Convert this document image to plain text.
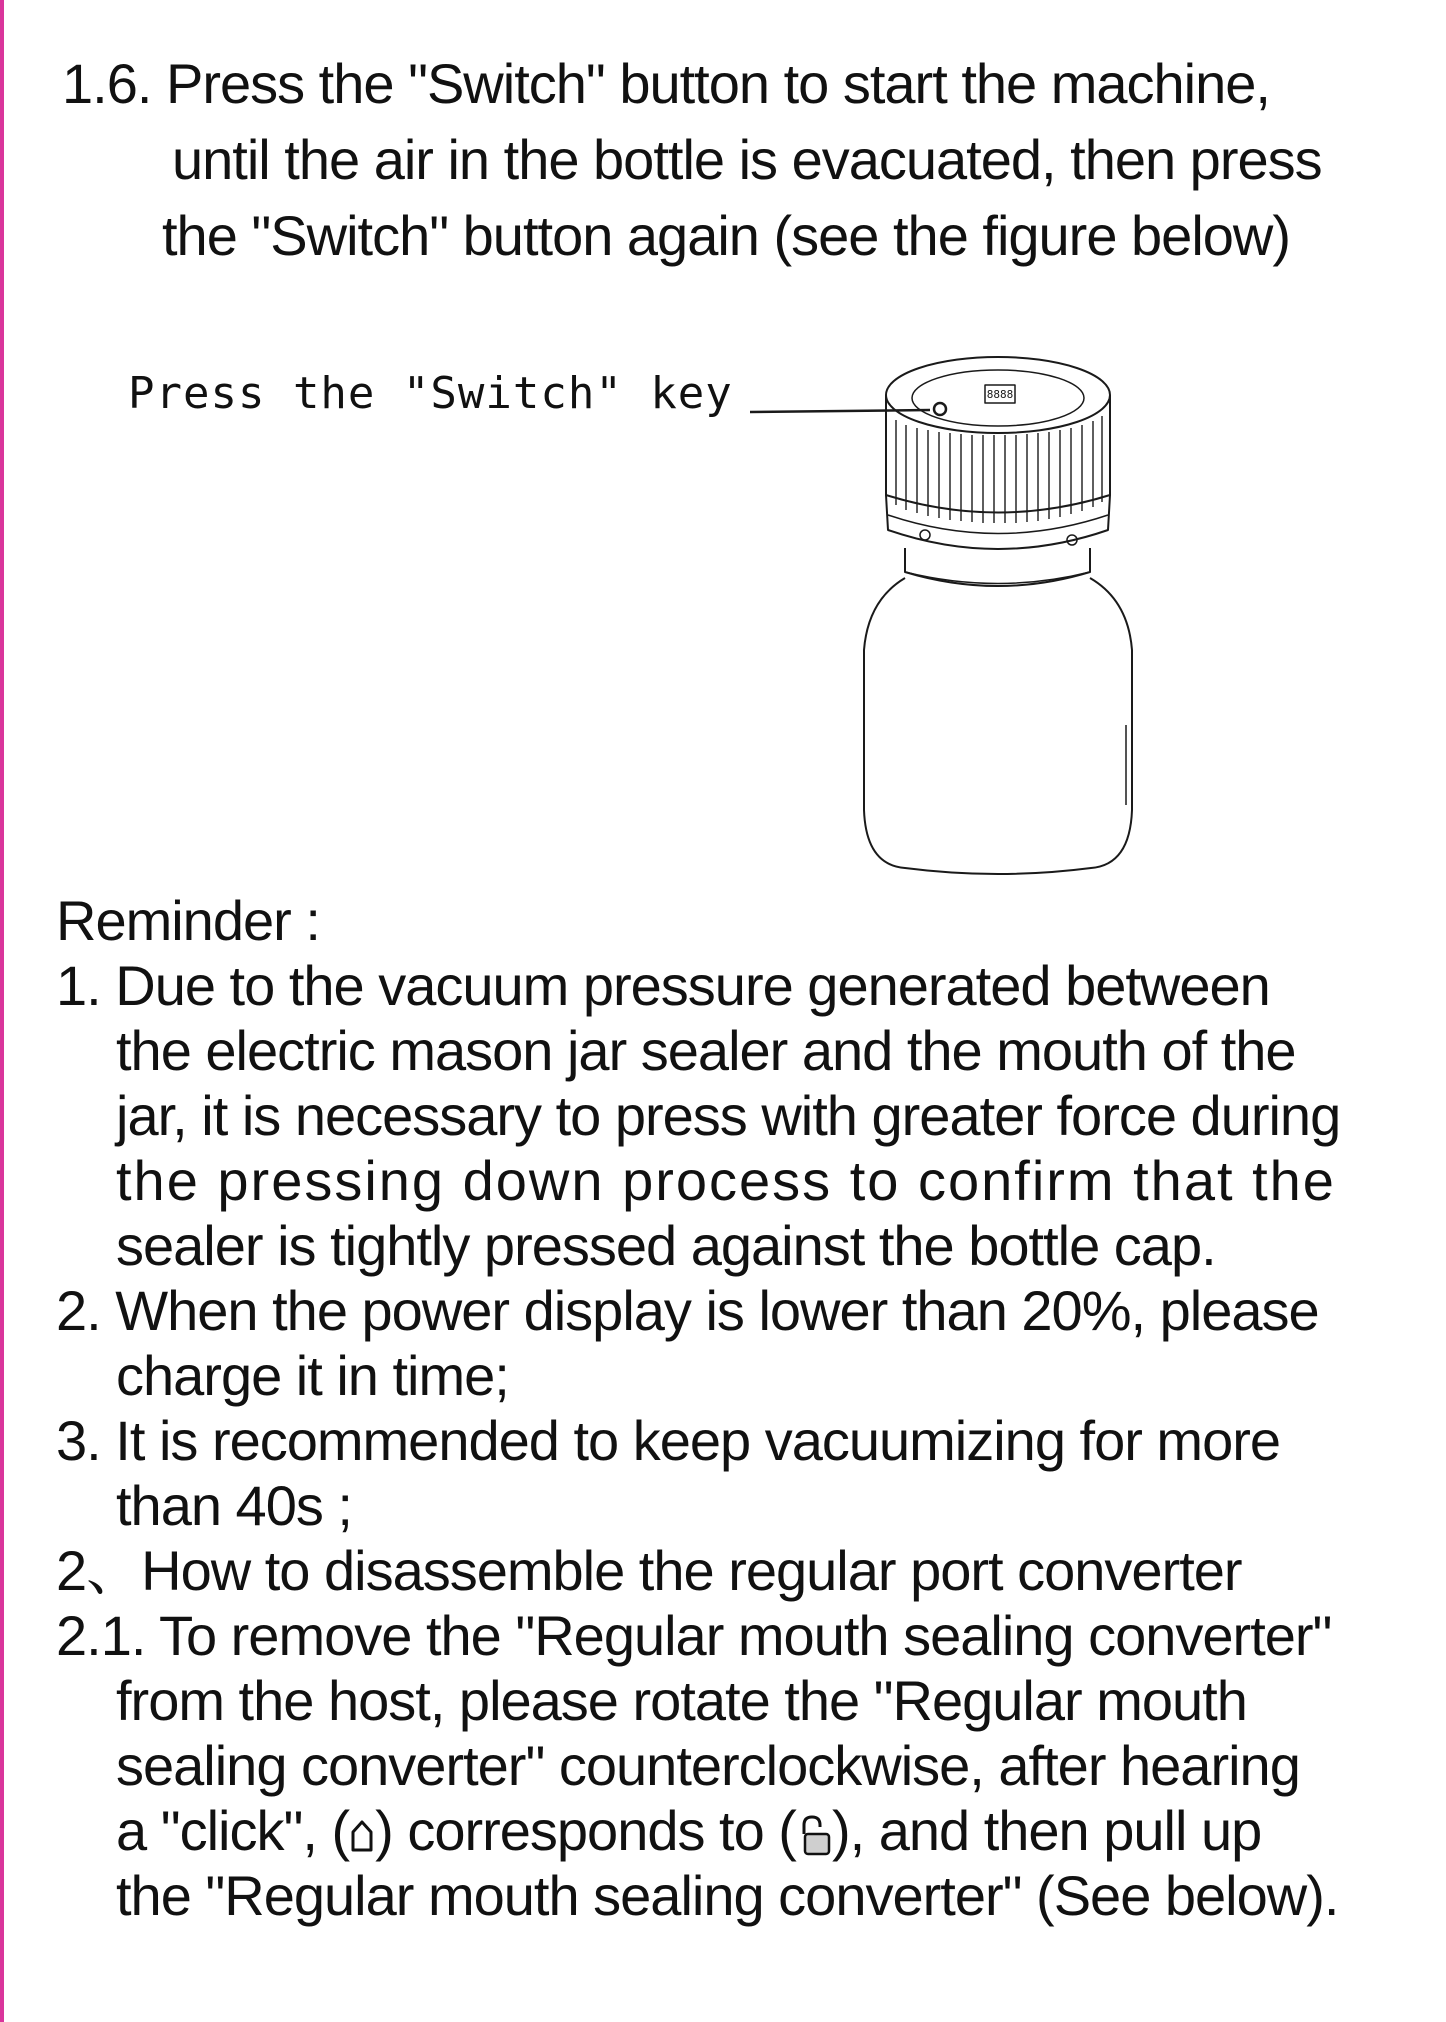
1.6. Press the "Switch" button to start the machine,
until the air in the bottle is evacuated, then press
the "Switch" button again (see the figure below)
Press the "Switch" key	8888
Reminder :
1. Due to the vacuum pressure generated between
the electric mason jar sealer and the mouth of the
jar, it is necessary to press with greater force during
the pressing down process to confirm that the
sealer is tightly pressed against the bottle cap.
2. When the power display is lower than 20%, please
charge it in time;
3. It is recommended to keep vacuumizing for more
than 40s ;
2、How to disassemble the regular port converter
2.1. To remove the "Regular mouth sealing converter"
from the host, please rotate the "Regular mouth
sealing converter" counterclockwise, after hearing
a "click", ( ) corresponds to ( ), and then pull up
the "Regular mouth sealing converter" (See below).
